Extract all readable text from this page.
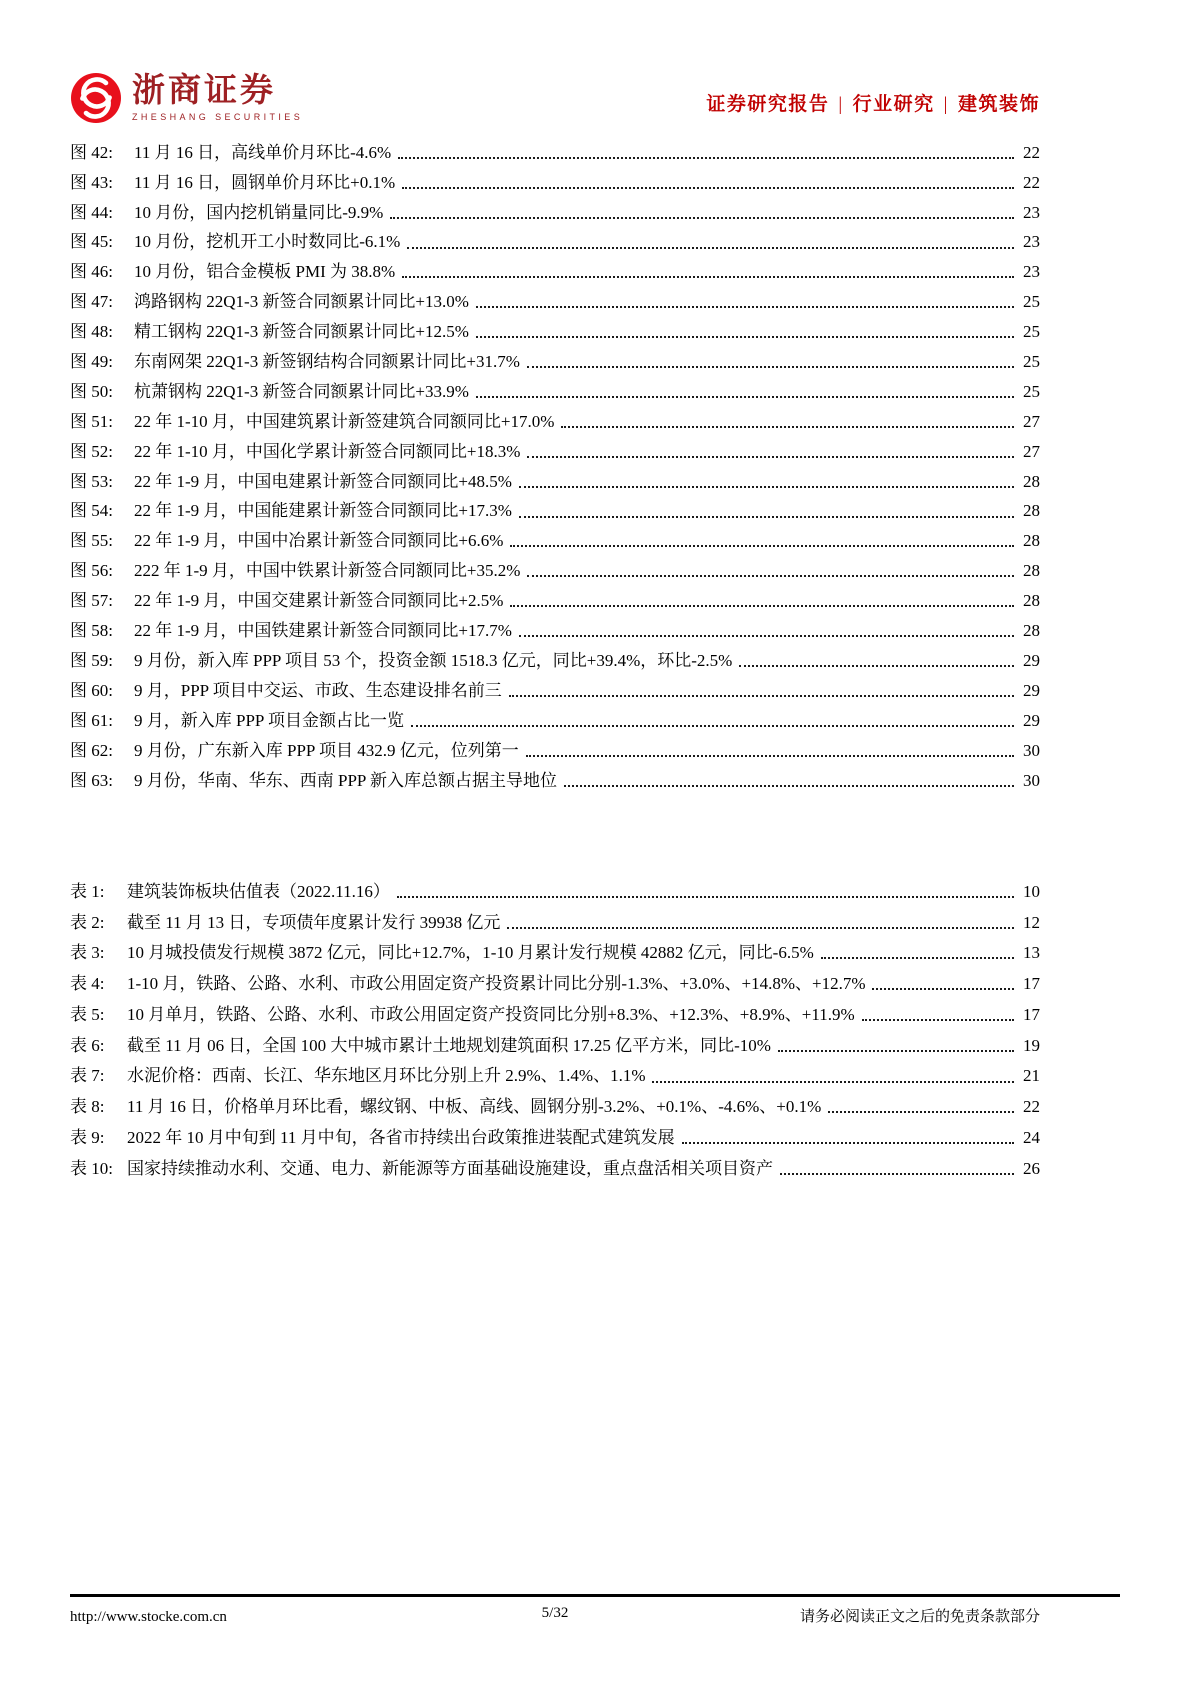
浙商证券
ZHESHANG SECURITIES
证券研究报告 | 行业研究 | 建筑装饰
图 42:	11 月 16 日，高线单价月环比-4.6%	22
图 43:	11 月 16 日，圆钢单价月环比+0.1%	22
图 44:	10 月份，国内挖机销量同比-9.9%	23
图 45:	10 月份，挖机开工小时数同比-6.1%	23
图 46:	10 月份，铝合金模板 PMI 为 38.8%	23
图 47:	鸿路钢构 22Q1-3 新签合同额累计同比+13.0%	25
图 48:	精工钢构 22Q1-3 新签合同额累计同比+12.5%	25
图 49:	东南网架 22Q1-3 新签钢结构合同额累计同比+31.7%	25
图 50:	杭萧钢构 22Q1-3 新签合同额累计同比+33.9%	25
图 51:	22 年 1-10 月，中国建筑累计新签建筑合同额同比+17.0%	27
图 52:	22 年 1-10 月，中国化学累计新签合同额同比+18.3%	27
图 53:	22 年 1-9 月，中国电建累计新签合同额同比+48.5%	28
图 54:	22 年 1-9 月，中国能建累计新签合同额同比+17.3%	28
图 55:	22 年 1-9 月，中国中冶累计新签合同额同比+6.6%	28
图 56:	222 年 1-9 月，中国中铁累计新签合同额同比+35.2%	28
图 57:	22 年 1-9 月，中国交建累计新签合同额同比+2.5%	28
图 58:	22 年 1-9 月，中国铁建累计新签合同额同比+17.7%	28
图 59:	9 月份，新入库 PPP 项目 53 个，投资金额 1518.3 亿元，同比+39.4%，环比-2.5%	29
图 60:	9 月，PPP 项目中交运、市政、生态建设排名前三	29
图 61:	9 月，新入库 PPP 项目金额占比一览	29
图 62:	9 月份，广东新入库 PPP 项目 432.9 亿元，位列第一	30
图 63:	9 月份，华南、华东、西南 PPP 新入库总额占据主导地位	30
表 1:	建筑装饰板块估值表（2022.11.16）	10
表 2:	截至 11 月 13 日，专项债年度累计发行 39938 亿元	12
表 3:	10 月城投债发行规模 3872 亿元，同比+12.7%，1-10 月累计发行规模 42882 亿元，同比-6.5%	13
表 4:	1-10 月，铁路、公路、水利、市政公用固定资产投资累计同比分别-1.3%、+3.0%、+14.8%、+12.7%	17
表 5:	10 月单月，铁路、公路、水利、市政公用固定资产投资同比分别+8.3%、+12.3%、+8.9%、+11.9%	17
表 6:	截至 11 月 06 日，全国 100 大中城市累计土地规划建筑面积 17.25 亿平方米，同比-10%	19
表 7:	水泥价格：西南、长江、华东地区月环比分别上升 2.9%、1.4%、1.1%	21
表 8:	11 月 16 日，价格单月环比看，螺纹钢、中板、高线、圆钢分别-3.2%、+0.1%、-4.6%、+0.1%	22
表 9:	2022 年 10 月中旬到 11 月中旬，各省市持续出台政策推进装配式建筑发展	24
表 10: 国家持续推动水利、交通、电力、新能源等方面基础设施建设，重点盘活相关项目资产	26
http://www.stocke.com.cn	5/32	请务必阅读正文之后的免责条款部分
